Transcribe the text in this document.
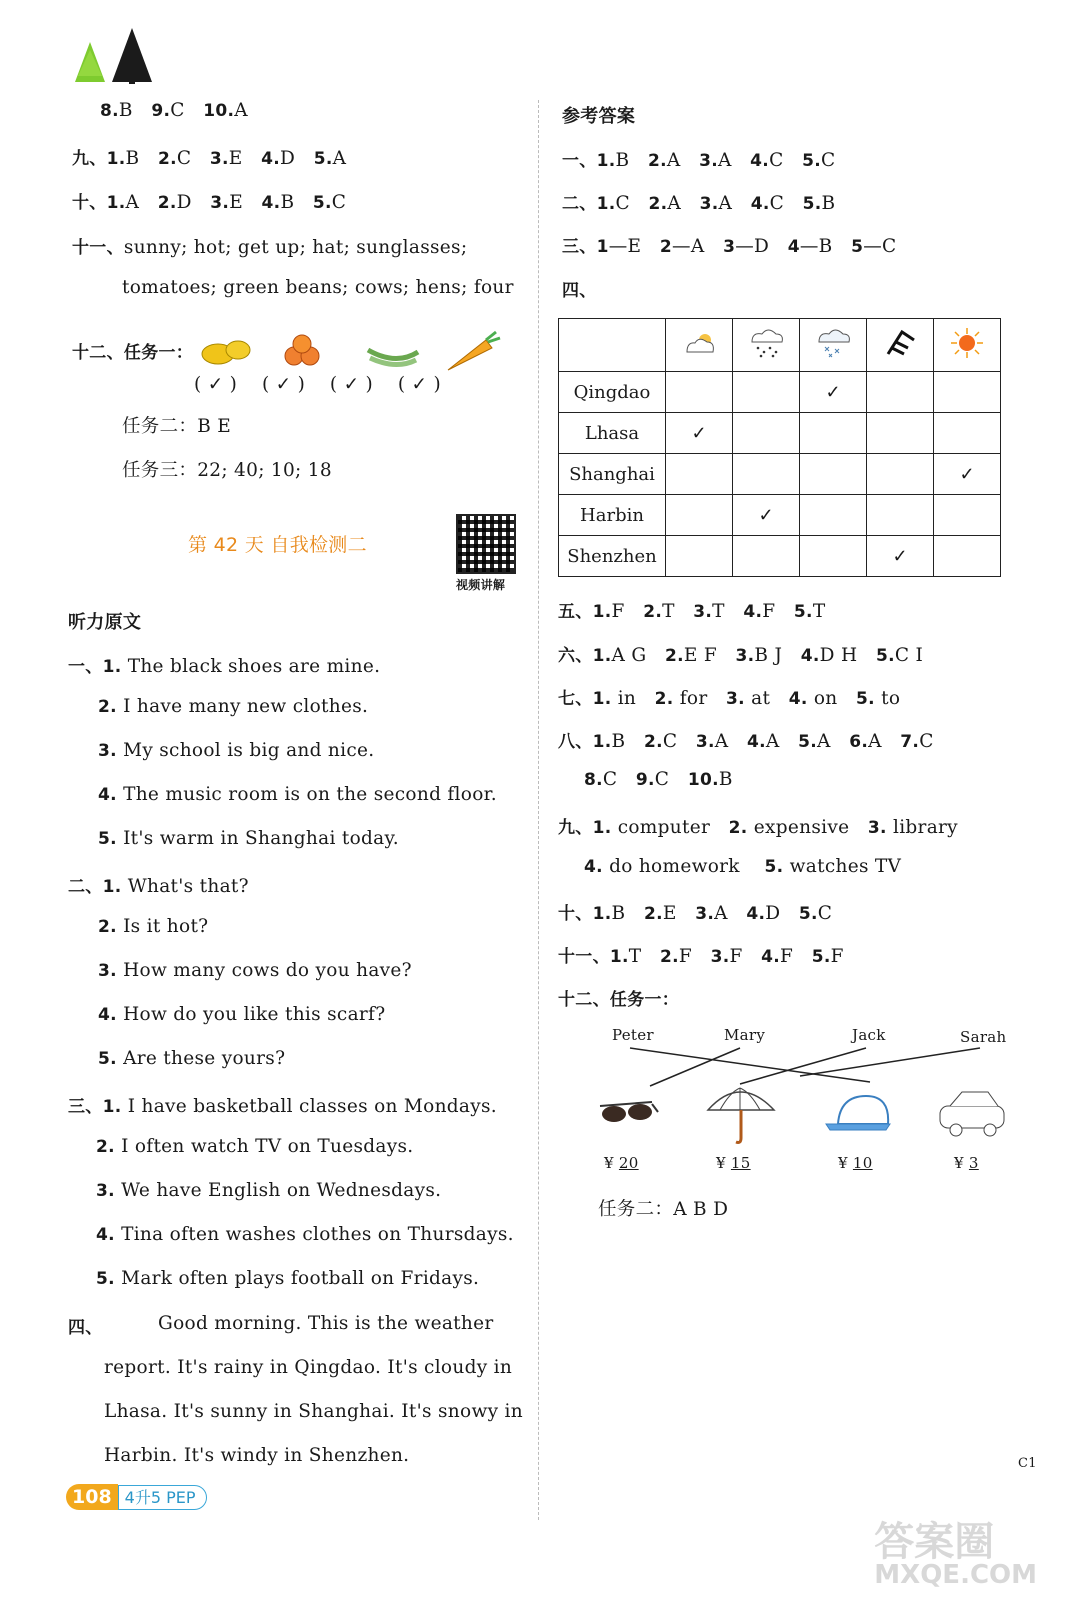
8.B 9.C 10.A
九、1.B 2.C 3.E 4.D 5.A
十、1.A 2.D 3.E 4.B 5.C
十一、sunny; hot; get up; hat; sunglasses;
tomatoes; green beans; cows; hens; four
十二、任务一：
( ✓ ) ( ✓ ) ( ✓ ) ( ✓ )
任务二：B E
任务三：22; 40; 10; 18
第 42 天 自我检测二
视频讲解
听力原文
一、1. The black shoes are mine.
2. I have many new clothes.
3. My school is big and nice.
4. The music room is on the second floor.
5. It's warm in Shanghai today.
二、1. What's that?
2. Is it hot?
3. How many cows do you have?
4. How do you like this scarf?
5. Are these yours?
三、1. I have basketball classes on Mondays.
2. I often watch TV on Tuesdays.
3. We have English on Wednesdays.
4. Tina often washes clothes on Thursdays.
5. Mark often plays football on Fridays.
四、	Good morning. This is the weather
report. It's rainy in Qingdao. It's cloudy in
Lhasa. It's sunny in Shanghai. It's snowy in
Harbin. It's windy in Shenzhen.
参考答案
一、1.B 2.A 3.A 4.C 5.C
二、1.C 2.A 3.A 4.C 5.B
三、1—E 2—A 3—D 4—B 5—C
四、

Qingdao			✓		
Lhasa	✓				
Shanghai					✓
Harbin		✓			
Shenzhen				✓	
五、1.F 2.T 3.T 4.F 5.T
六、1.A G 2.E F 3.B J 4.D H 5.C I
七、1. in 2. for 3. at 4. on 5. to
八、1.B 2.C 3.A 4.A 5.A 6.A 7.C
8.C 9.C 10.B
九、1. computer 2. expensive 3. library
4. do homework 5. watches TV
十、1.B 2.E 3.A 4.D 5.C
十一、1.T 2.F 3.F 4.F 5.F
十二、任务一：
Peter	Mary	Jack	Sarah
¥ 20	¥ 15	¥ 10	¥ 3
任务二：A B D
108 4升5 PEP
C1
答案圈
MXQE.COM
